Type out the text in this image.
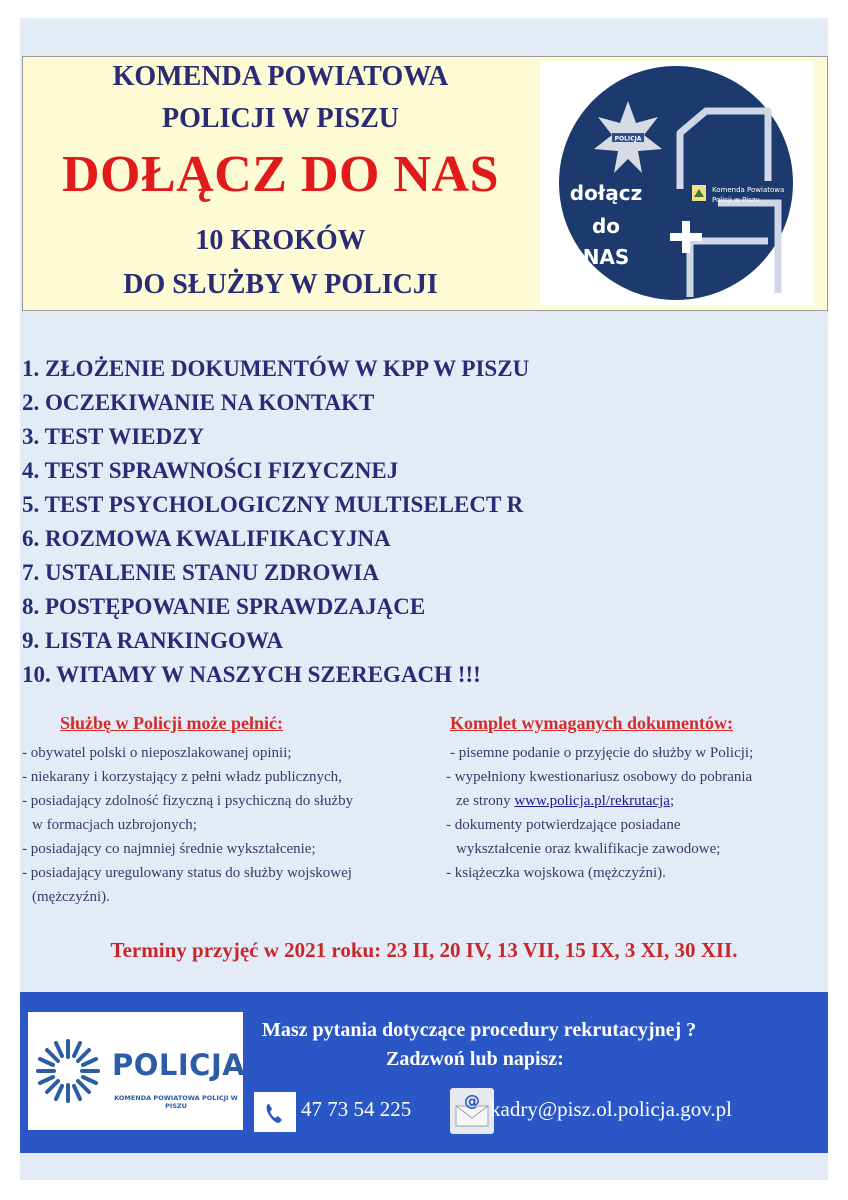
KOMENDA POWIATOWA
POLICJI W PISZU
DOŁĄCZ DO NAS
10 KROKÓW
DO SŁUŻBY W POLICJI
POLICJA
dołącz
do
NAS
Komenda Powiatowa
Policji w Piszu
1. ZŁOŻENIE DOKUMENTÓW W KPP W PISZU
2. OCZEKIWANIE NA KONTAKT
3. TEST WIEDZY
4. TEST SPRAWNOŚCI FIZYCZNEJ
5. TEST PSYCHOLOGICZNY MULTISELECT R
6. ROZMOWA KWALIFIKACYJNA
7. USTALENIE STANU ZDROWIA
8. POSTĘPOWANIE SPRAWDZAJĄCE
9. LISTA RANKINGOWA
10. WITAMY W NASZYCH SZEREGACH !!!
Służbę w Policji może pełnić:
- obywatel polski o nieposzlakowanej opinii;
- niekarany i korzystający z pełni władz publicznych,
- posiadający zdolność fizyczną i psychiczną do służby
w formacjach uzbrojonych;
- posiadający co najmniej średnie wykształcenie;
- posiadający uregulowany status do służby wojskowej
(mężczyźni).
Komplet wymaganych dokumentów:
- pisemne podanie o przyjęcie do służby w Policji;
- wypełniony kwestionariusz osobowy do pobrania
ze strony www.policja.pl/rekrutacja;
- dokumenty potwierdzające posiadane
wykształcenie oraz kwalifikacje zawodowe;
- książeczka wojskowa (mężczyźni).
Terminy przyjęć w 2021 roku: 23 II, 20 IV, 13 VII, 15 IX, 3 XI, 30 XII.
POLICJA
KOMENDA POWIATOWA POLICJI W PISZU
Masz pytania dotyczące procedury rekrutacyjnej ?
Zadzwoń lub napisz:
47 73 54 225	@ kadry@pisz.ol.policja.gov.pl
